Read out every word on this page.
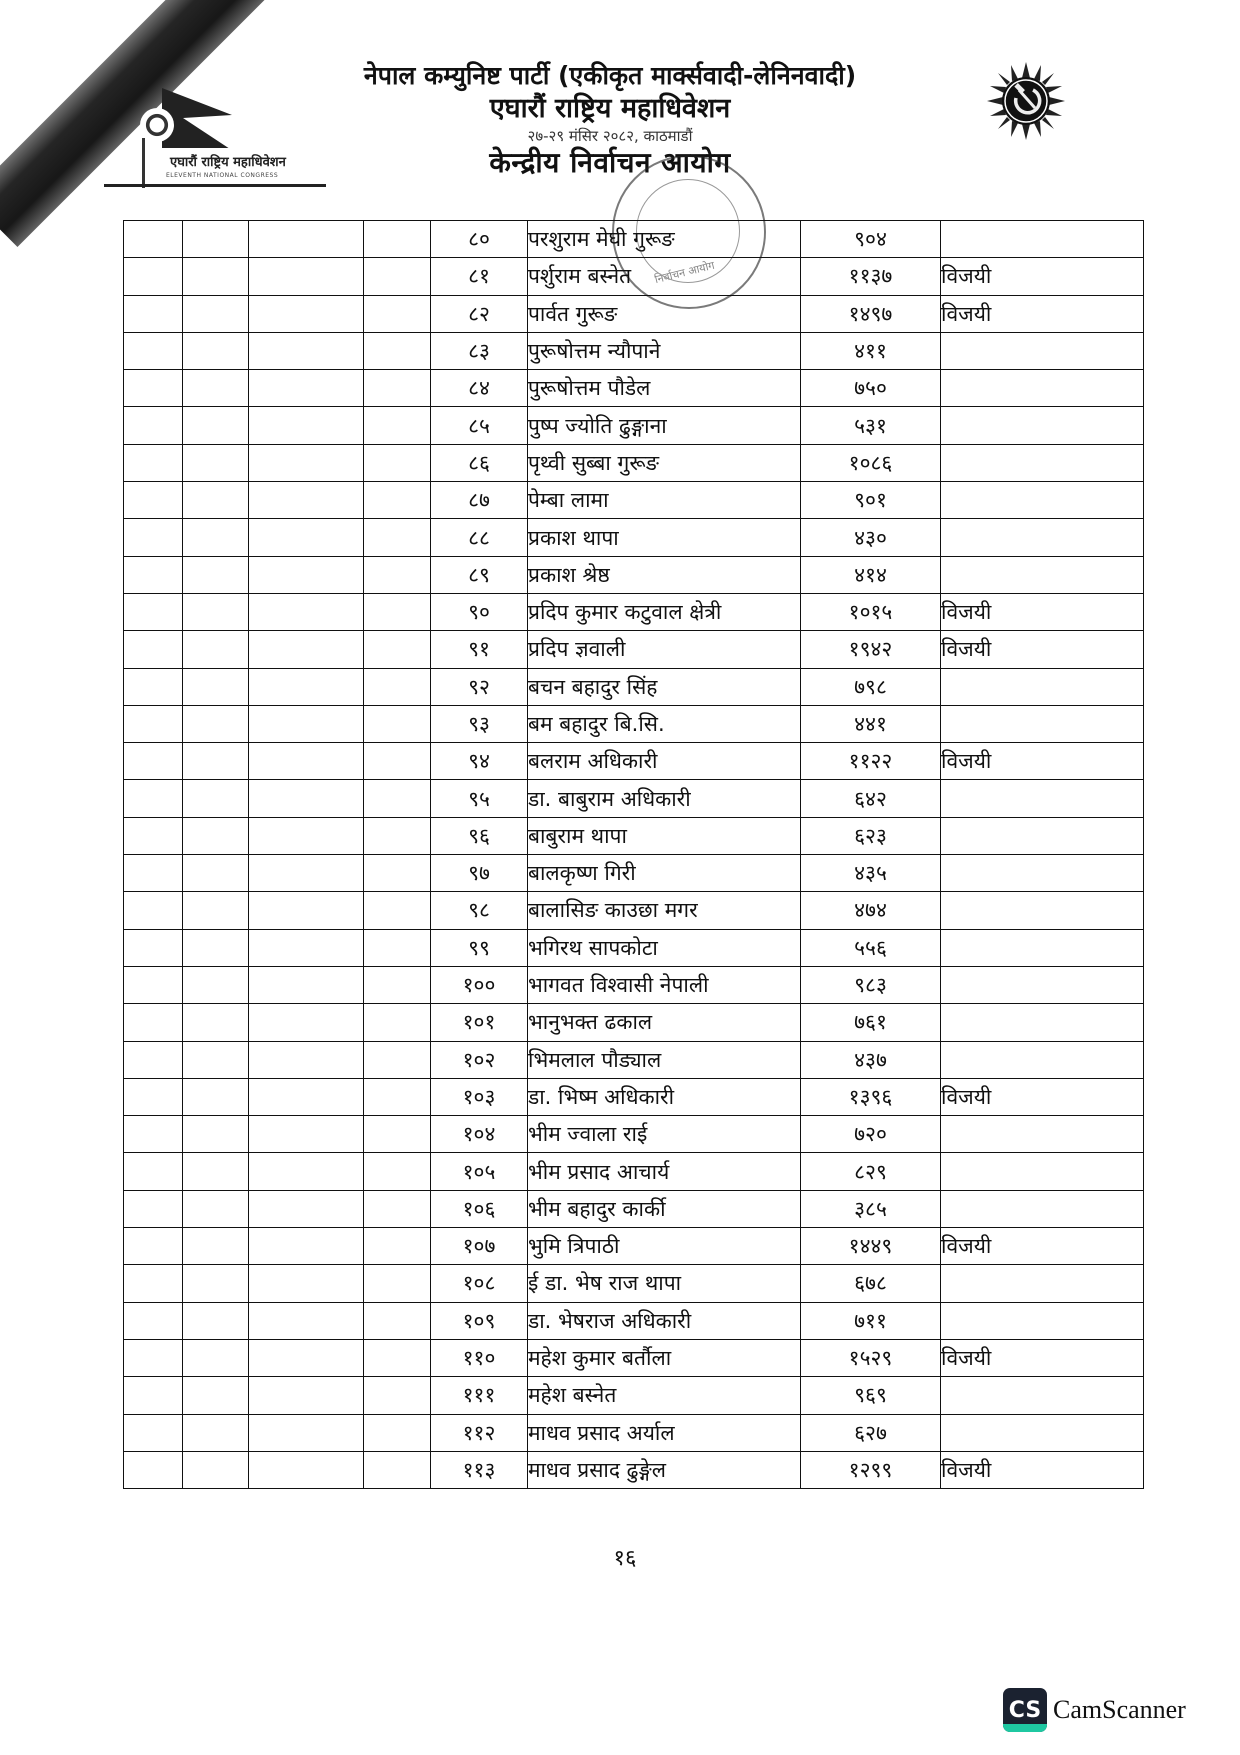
एघारौं राष्ट्रिय महाधिवेशन
ELEVENTH NATIONAL CONGRESS
नेपाल कम्युनिष्ट पार्टी (एकीकृत मार्क्सवादी-लेनिनवादी)
एघारौं राष्ट्रिय महाधिवेशन
२७-२९ मंसिर २०८२, काठमाडौं
केन्द्रीय निर्वाचन आयोग
निर्वाचन आयोग
				८०	परशुराम मेघी गुरूङ	९०४	
				८१	पर्शुराम बस्नेत	११३७	विजयी
				८२	पार्वत गुरूङ	१४९७	विजयी
				८३	पुरूषोत्तम न्यौपाने	४११	
				८४	पुरूषोत्तम पौडेल	७५०	
				८५	पुष्प ज्योति ढुङ्गाना	५३१	
				८६	पृथ्वी सुब्बा गुरूङ	१०८६	
				८७	पेम्बा लामा	९०१	
				८८	प्रकाश थापा	४३०	
				८९	प्रकाश श्रेष्ठ	४१४	
				९०	प्रदिप कुमार कटुवाल क्षेत्री	१०१५	विजयी
				९१	प्रदिप ज्ञवाली	१९४२	विजयी
				९२	बचन बहादुर सिंह	७९८	
				९३	बम बहादुर बि.सि.	४४१	
				९४	बलराम अधिकारी	११२२	विजयी
				९५	डा. बाबुराम अधिकारी	६४२	
				९६	बाबुराम थापा	६२३	
				९७	बालकृष्ण गिरी	४३५	
				९८	बालासिङ काउछा मगर	४७४	
				९९	भगिरथ सापकोटा	५५६	
				१००	भागवत विश्वासी नेपाली	९८३	
				१०१	भानुभक्त ढकाल	७६१	
				१०२	भिमलाल पौड्याल	४३७	
				१०३	डा. भिष्म अधिकारी	१३९६	विजयी
				१०४	भीम ज्वाला राई	७२०	
				१०५	भीम प्रसाद आचार्य	८२९	
				१०६	भीम बहादुर कार्की	३८५	
				१०७	भुमि त्रिपाठी	१४४९	विजयी
				१०८	ई डा. भेष राज थापा	६७८	
				१०९	डा. भेषराज अधिकारी	७११	
				११०	महेश कुमार बर्तौला	१५२९	विजयी
				१११	महेश बस्नेत	९६९	
				११२	माधव प्रसाद अर्याल	६२७	
				११३	माधव प्रसाद ढुङ्गेल	१२९९	विजयी
१६
CS CamScanner
